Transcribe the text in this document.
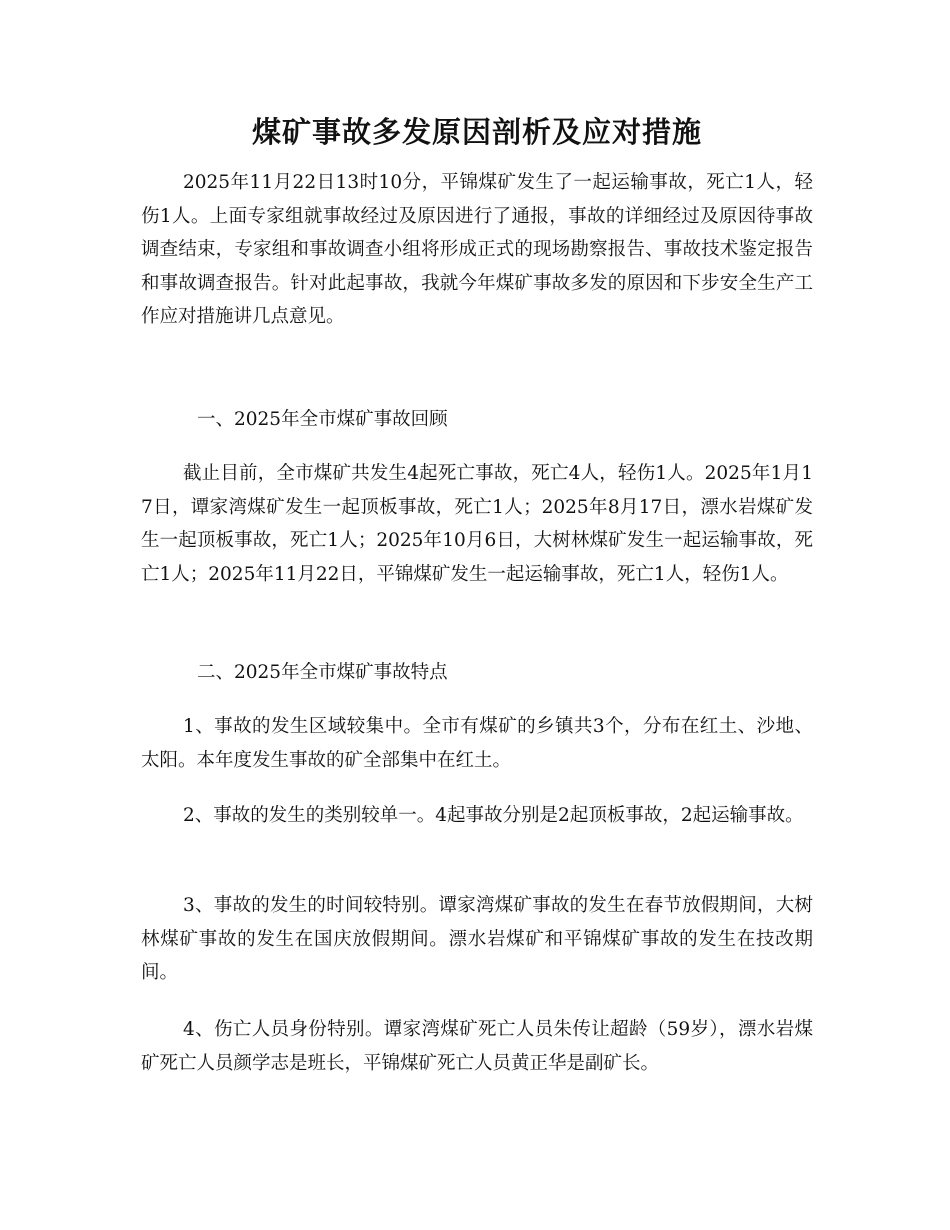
煤矿事故多发原因剖析及应对措施

2025年11月22日13时10分，平锦煤矿发生了一起运输事故，死亡1人，轻伤1人。上面专家组就事故经过及原因进行了通报，事故的详细经过及原因待事故调查结束，专家组和事故调查小组将形成正式的现场勘察报告、事故技术鉴定报告和事故调查报告。针对此起事故，我就今年煤矿事故多发的原因和下步安全生产工作应对措施讲几点意见。

一、2025年全市煤矿事故回顾

截止目前，全市煤矿共发生4起死亡事故，死亡4人，轻伤1人。2025年1月17日，谭家湾煤矿发生一起顶板事故，死亡1人；2025年8月17日，漂水岩煤矿发生一起顶板事故，死亡1人；2025年10月6日，大树林煤矿发生一起运输事故，死亡1人；2025年11月22日，平锦煤矿发生一起运输事故，死亡1人，轻伤1人。

二、2025年全市煤矿事故特点

1、事故的发生区域较集中。全市有煤矿的乡镇共3个，分布在红土、沙地、太阳。本年度发生事故的矿全部集中在红土。

2、事故的发生的类别较单一。4起事故分别是2起顶板事故，2起运输事故。

3、事故的发生的时间较特别。谭家湾煤矿事故的发生在春节放假期间，大树林煤矿事故的发生在国庆放假期间。漂水岩煤矿和平锦煤矿事故的发生在技改期间。

4、伤亡人员身份特别。谭家湾煤矿死亡人员朱传让超龄（59岁），漂水岩煤矿死亡人员颜学志是班长，平锦煤矿死亡人员黄正华是副矿长。
